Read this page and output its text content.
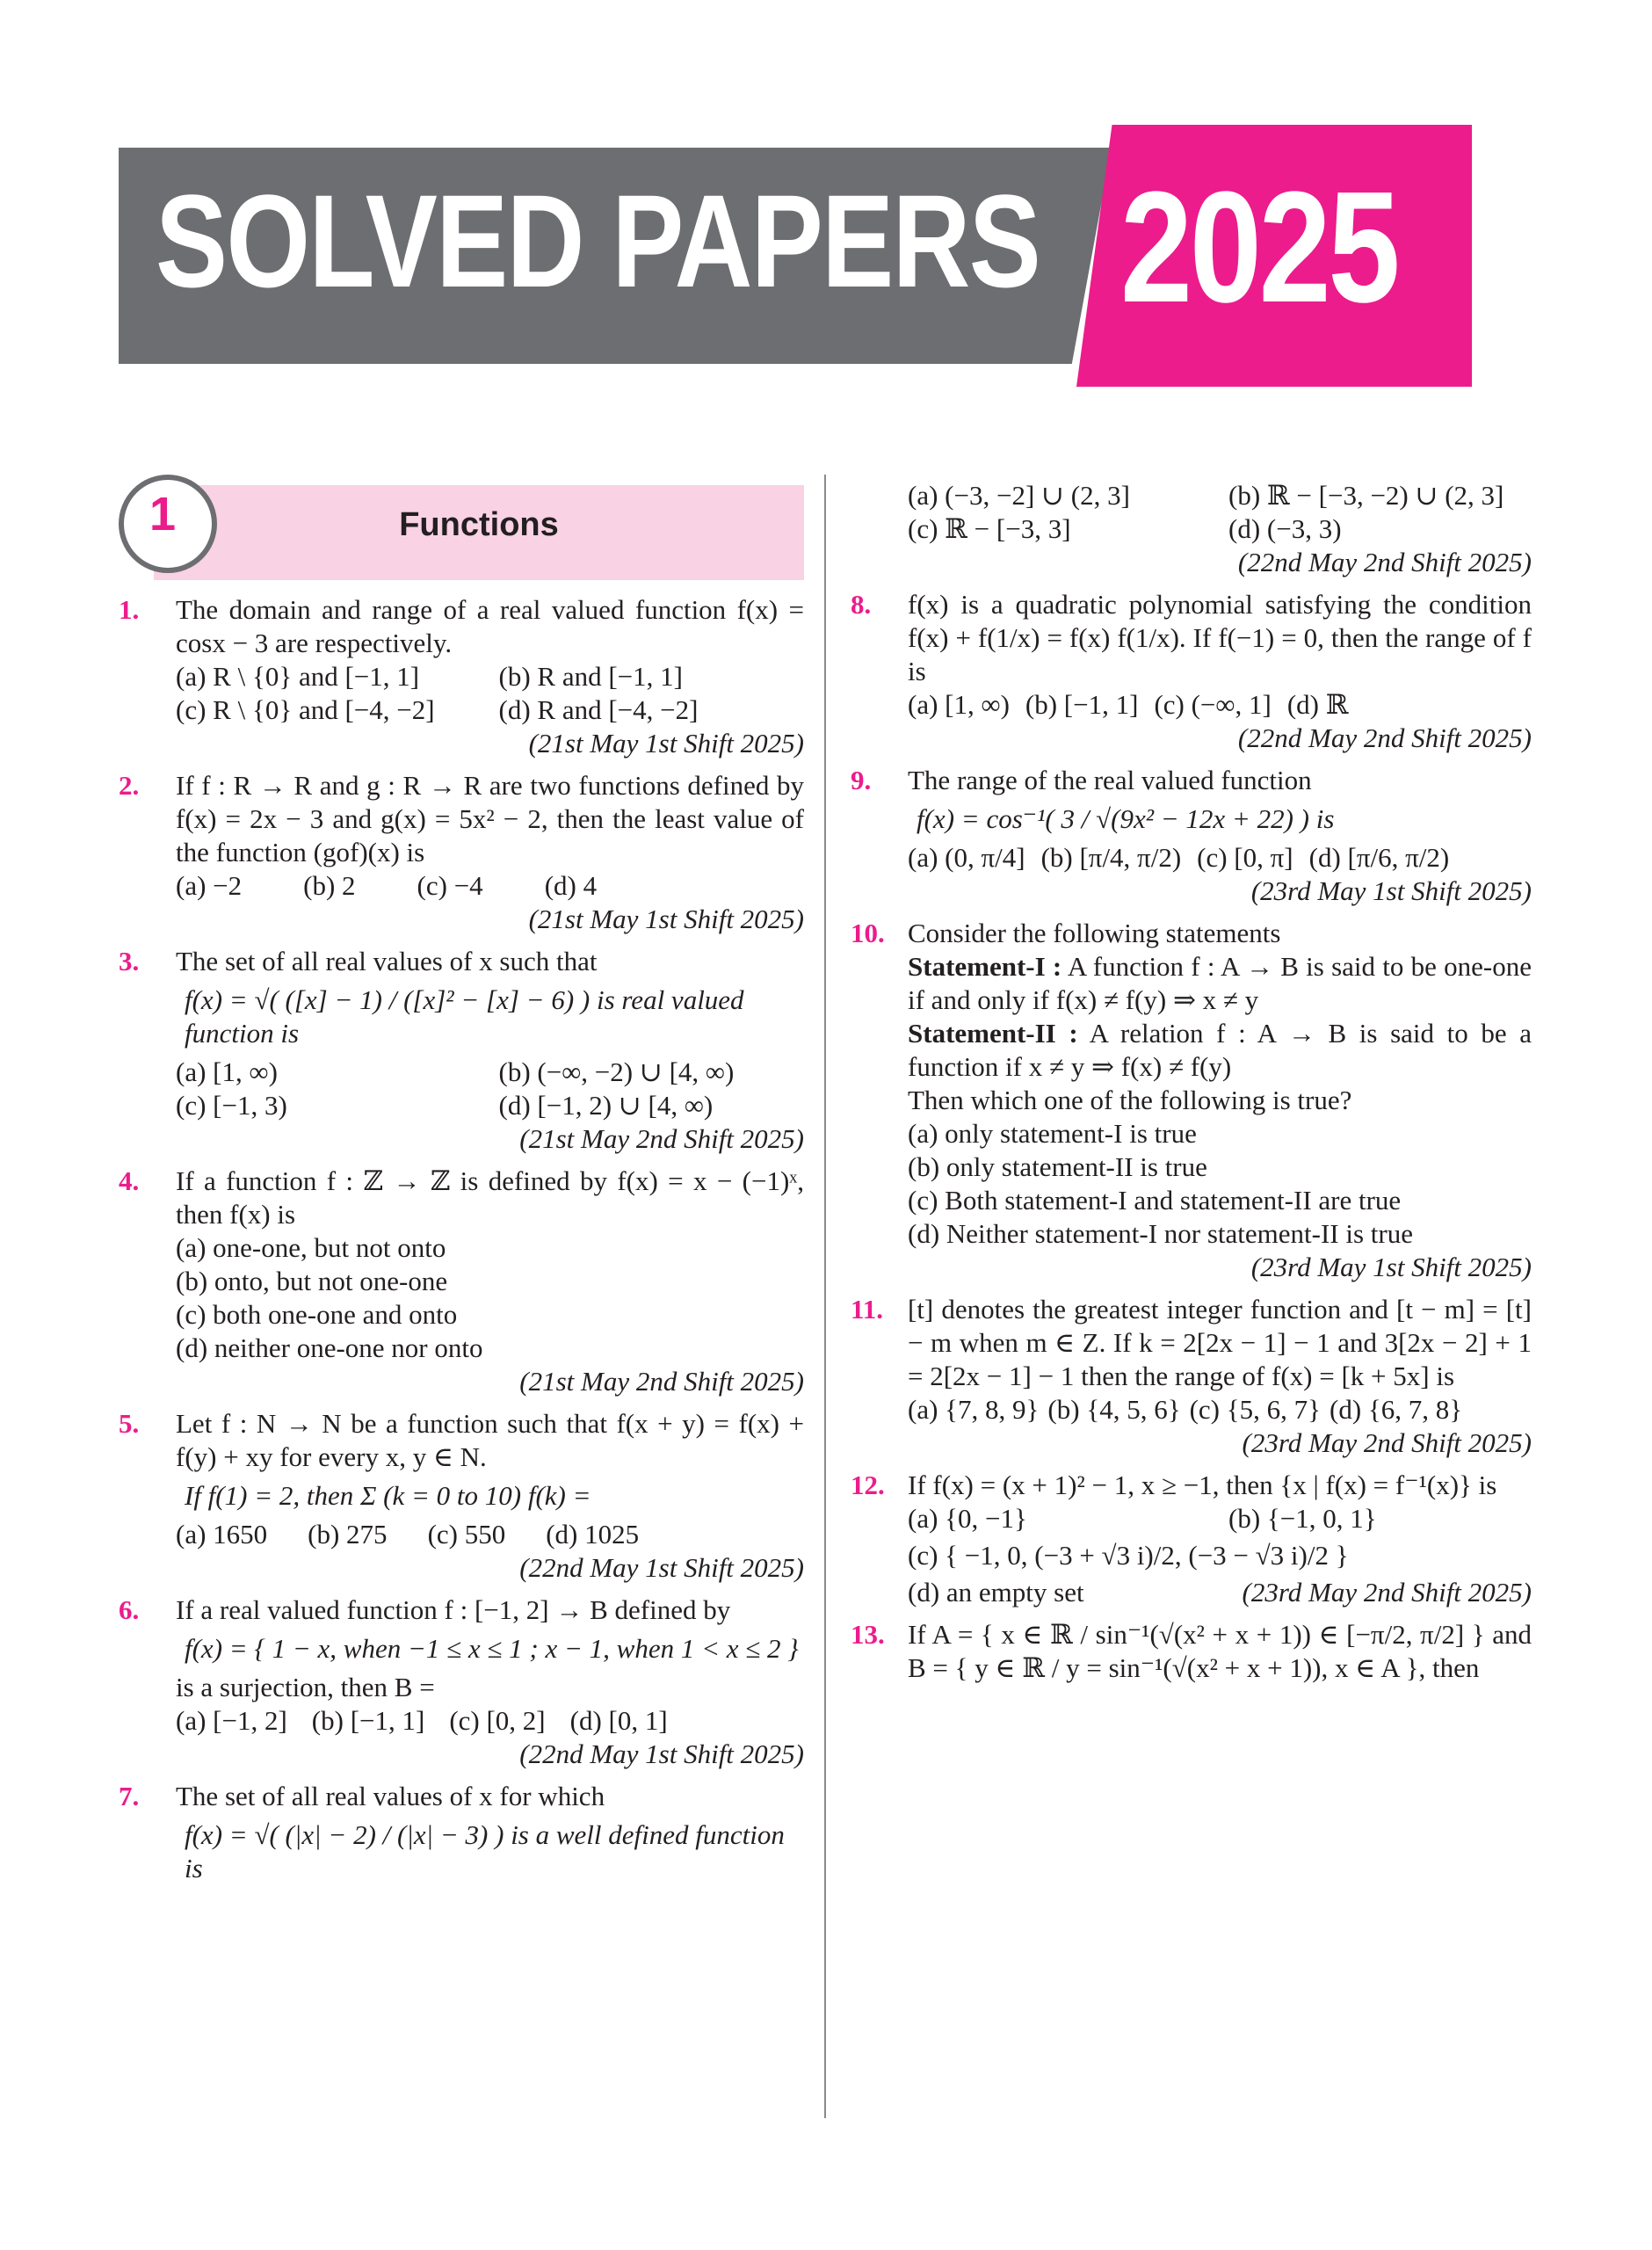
SOLVED PAPERS 2025
1	Functions
1. The domain and range of a real valued function f(x) = cosx − 3 are respectively.
(a) R \ {0} and [−1, 1]	(b) R and [−1, 1]
(c) R \ {0} and [−4, −2]	(d) R and [−4, −2]
(21st May 1st Shift 2025)
2. If f : R → R and g : R → R are two functions defined by f(x) = 2x − 3 and g(x) = 5x² − 2, then the least value of the function (gof)(x) is
(a) −2 (b) 2 (c) −4 (d) 4
(21st May 1st Shift 2025)
3. The set of all real values of x such that
f(x) = √( ([x] − 1) / ([x]² − [x] − 6) ) is real valued function is
(a) [1, ∞)	(b) (−∞, −2) ∪ [4, ∞)
(c) [−1, 3)	(d) [−1, 2) ∪ [4, ∞)
(21st May 2nd Shift 2025)
4. If a function f : ℤ → ℤ is defined by f(x) = x − (−1)ˣ, then f(x) is
(a) one-one, but not onto
(b) onto, but not one-one
(c) both one-one and onto
(d) neither one-one nor onto
(21st May 2nd Shift 2025)
5. Let f : N → N be a function such that f(x + y) = f(x) + f(y) + xy for every x, y ∈ N.
If f(1) = 2, then Σ (k = 0 to 10) f(k) =
(a) 1650 (b) 275 (c) 550 (d) 1025
(22nd May 1st Shift 2025)
6. If a real valued function f : [−1, 2] → B defined by
f(x) = { 1 − x, when −1 ≤ x ≤ 1 ; x − 1, when 1 < x ≤ 2 }
is a surjection, then B =
(a) [−1, 2] (b) [−1, 1] (c) [0, 2] (d) [0, 1]
(22nd May 1st Shift 2025)
7. The set of all real values of x for which
f(x) = √( (|x| − 2) / (|x| − 3) ) is a well defined function is
(a) (−3, −2] ∪ (2, 3]	(b) ℝ − [−3, −2) ∪ (2, 3]
(c) ℝ − [−3, 3]	(d) (−3, 3)
(22nd May 2nd Shift 2025)
8. f(x) is a quadratic polynomial satisfying the condition f(x) + f(1/x) = f(x) f(1/x). If f(−1) = 0, then the range of f is
(a) [1, ∞) (b) [−1, 1] (c) (−∞, 1] (d) ℝ
(22nd May 2nd Shift 2025)
9. The range of the real valued function
f(x) = cos⁻¹( 3 / √(9x² − 12x + 22) ) is
(a) (0, π/4] (b) [π/4, π/2) (c) [0, π] (d) [π/6, π/2)
(23rd May 1st Shift 2025)
10. Consider the following statements
Statement-I : A function f : A → B is said to be one-one if and only if f(x) ≠ f(y) ⇒ x ≠ y
Statement-II : A relation f : A → B is said to be a function if x ≠ y ⇒ f(x) ≠ f(y)
Then which one of the following is true?
(a) only statement-I is true
(b) only statement-II is true
(c) Both statement-I and statement-II are true
(d) Neither statement-I nor statement-II is true
(23rd May 1st Shift 2025)
11. [t] denotes the greatest integer function and [t − m] = [t] − m when m ∈ Z. If k = 2[2x − 1] − 1 and 3[2x − 2] + 1 = 2[2x − 1] − 1 then the range of f(x) = [k + 5x] is
(a) {7, 8, 9} (b) {4, 5, 6} (c) {5, 6, 7} (d) {6, 7, 8}
(23rd May 2nd Shift 2025)
12. If f(x) = (x + 1)² − 1, x ≥ −1, then {x | f(x) = f⁻¹(x)} is
(a) {0, −1}	(b) {−1, 0, 1}
(c) { −1, 0, (−3 + √3 i)/2, (−3 − √3 i)/2 }
(d) an empty set	(23rd May 2nd Shift 2025)
13. If A = { x ∈ ℝ / sin⁻¹(√(x² + x + 1)) ∈ [−π/2, π/2] } and B = { y ∈ ℝ / y = sin⁻¹(√(x² + x + 1)), x ∈ A }, then
